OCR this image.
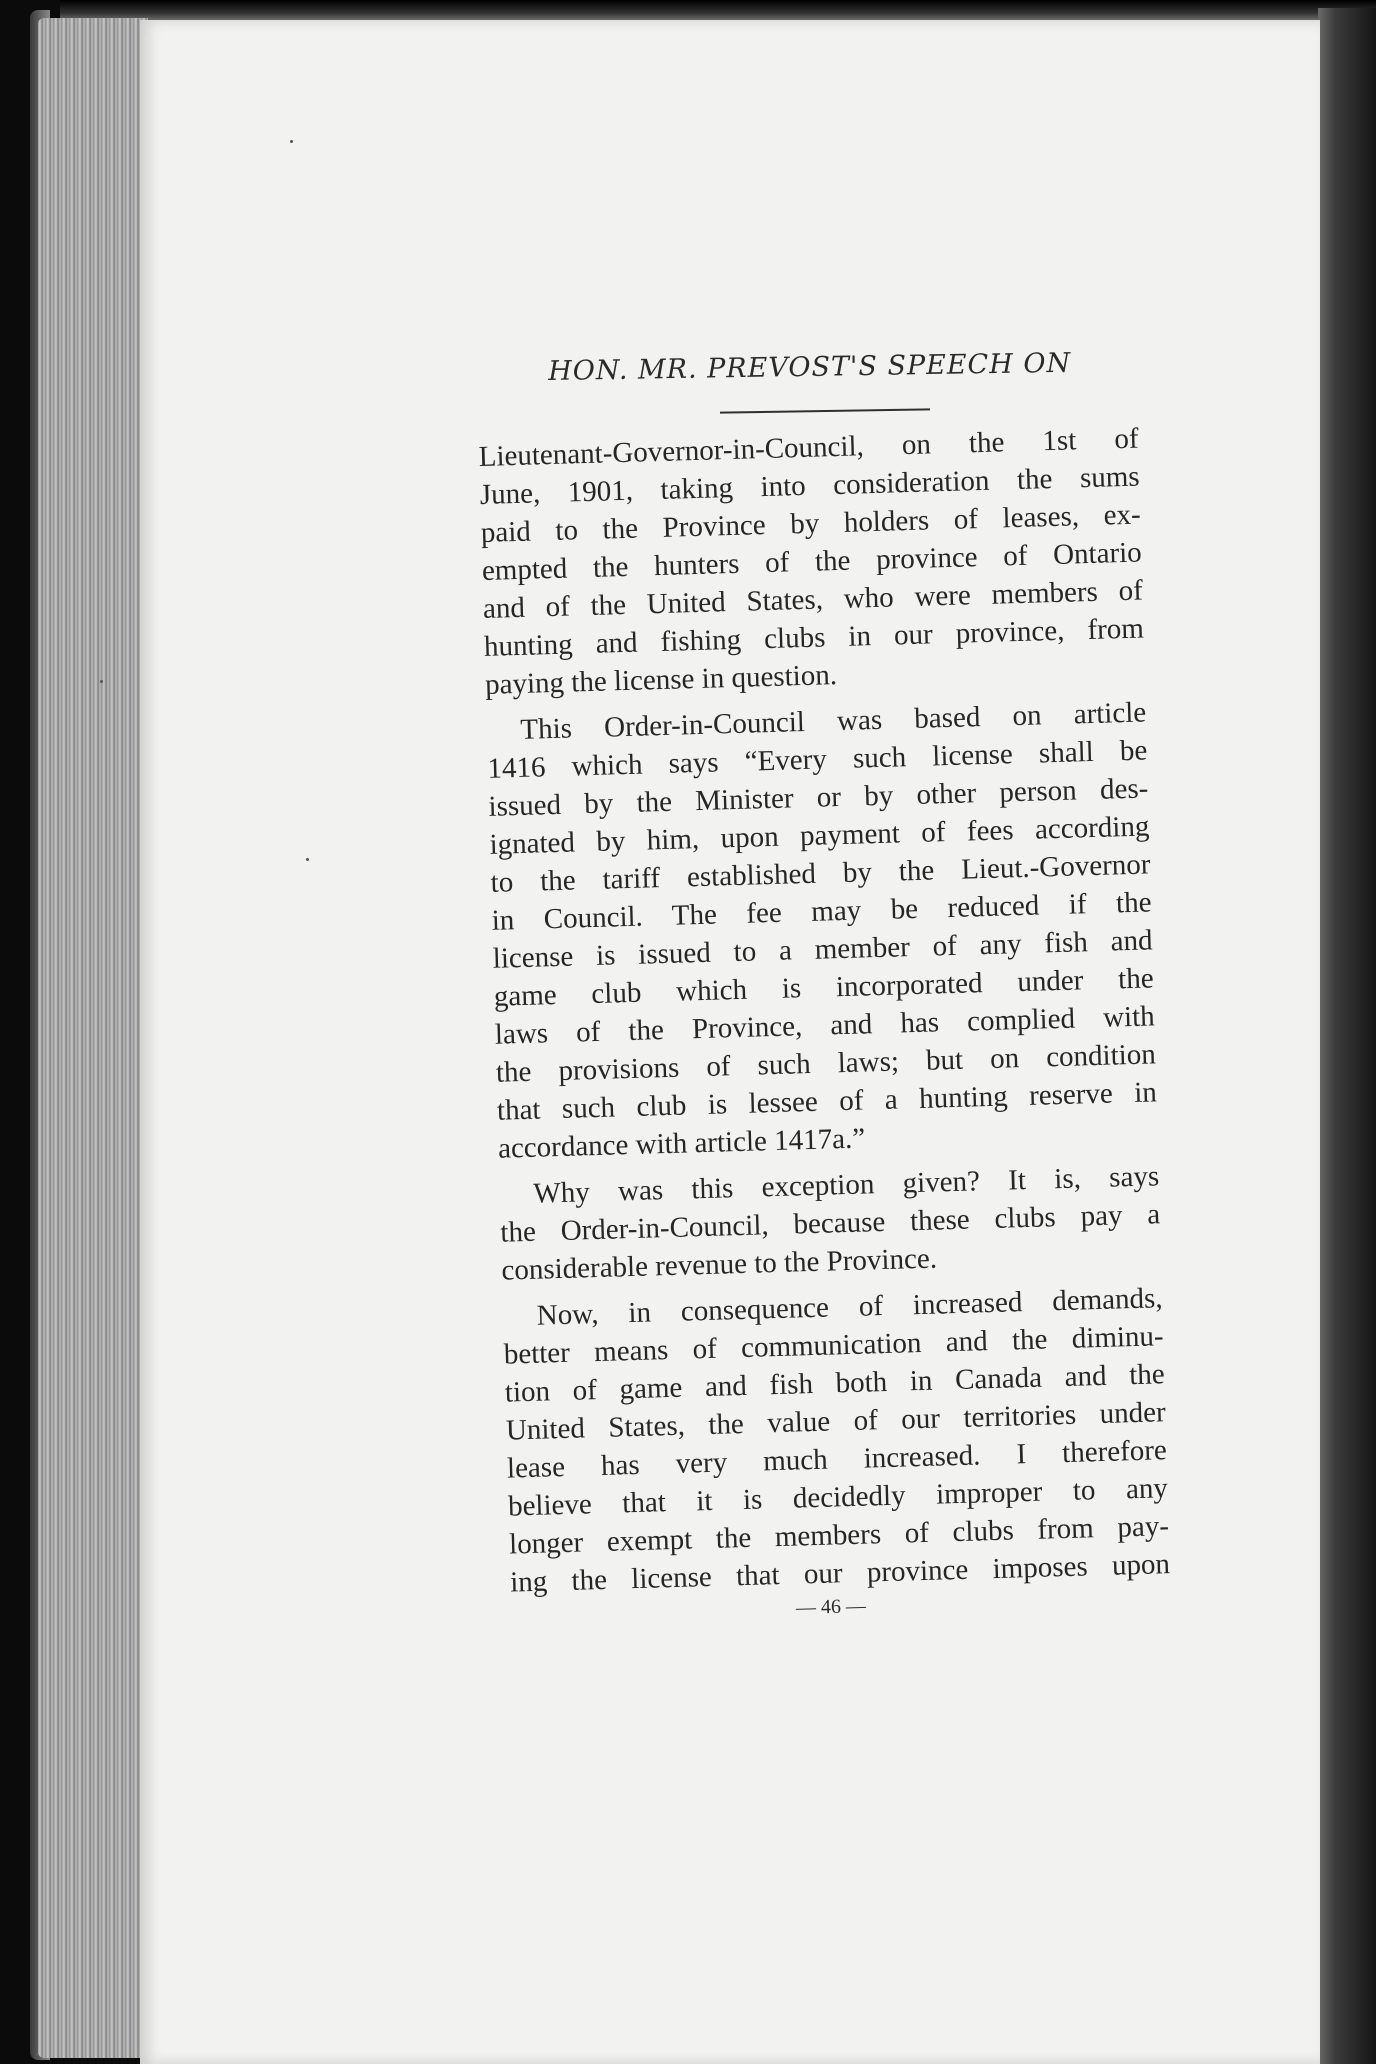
HON. MR. PREVOST'S SPEECH ON
Lieutenant-Governor-in-Council, on the 1st of
June, 1901, taking into consideration the sums
paid to the Province by holders of leases, ex-
empted the hunters of the province of Ontario
and of the United States, who were members of
hunting and fishing clubs in our province, from
paying the license in question.
This Order-in-Council was based on article
1416 which says “Every such license shall be
issued by the Minister or by other person des-
ignated by him, upon payment of fees according
to the tariff established by the Lieut.-Governor
in Council. The fee may be reduced if the
license is issued to a member of any fish and
game club which is incorporated under the
laws of the Province, and has complied with
the provisions of such laws; but on condition
that such club is lessee of a hunting reserve in
accordance with article 1417a.”
Why was this exception given? It is, says
the Order-in-Council, because these clubs pay a
considerable revenue to the Province.
Now, in consequence of increased demands,
better means of communication and the diminu-
tion of game and fish both in Canada and the
United States, the value of our territories under
lease has very much increased. I therefore
believe that it is decidedly improper to any
longer exempt the members of clubs from pay-
ing the license that our province imposes upon
— 46 —
